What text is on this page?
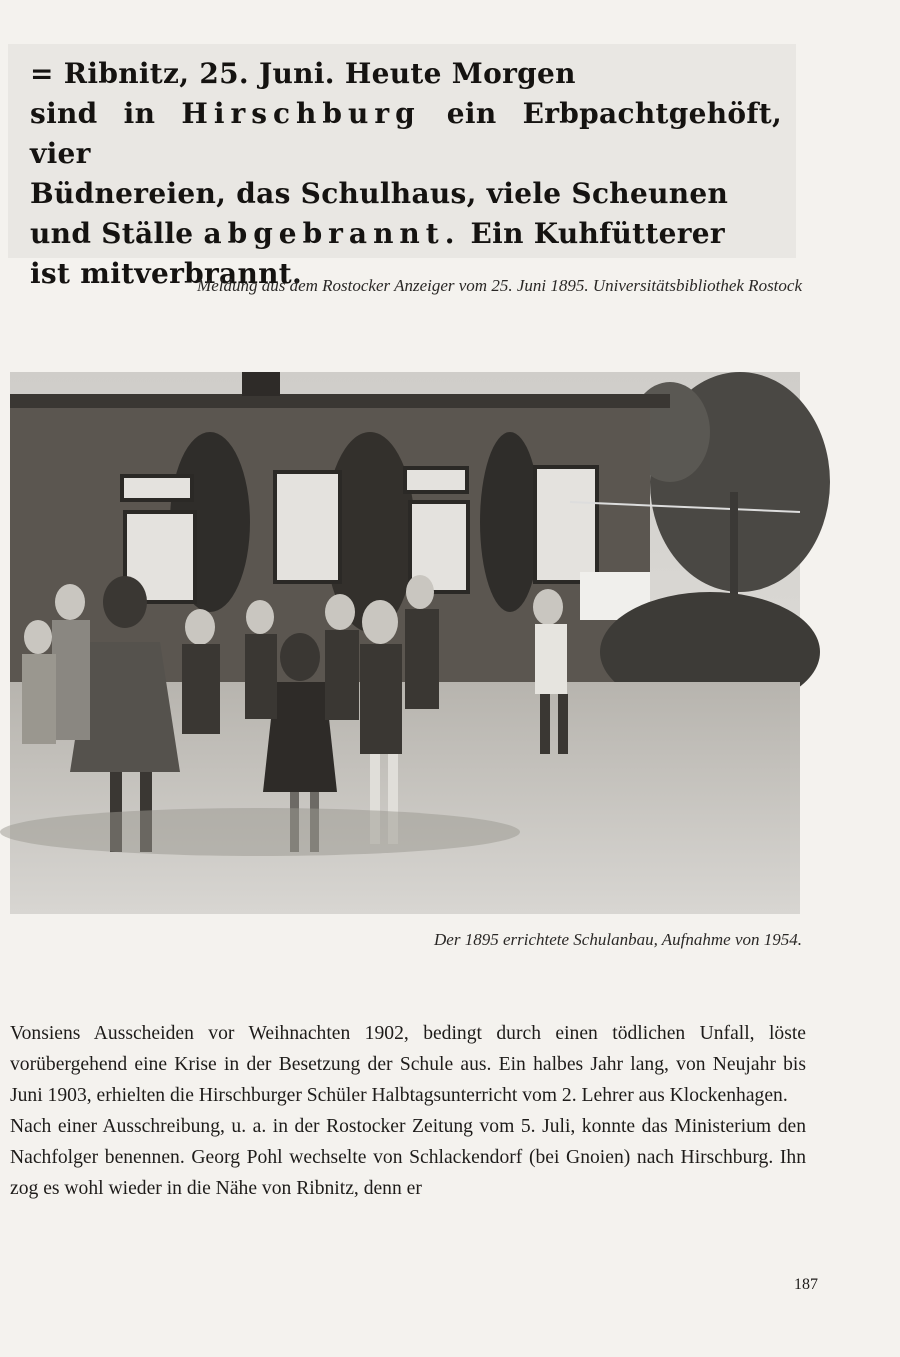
= Ribnitz, 25. Juni. Heute Morgen
sind in Hirschburg ein Erbpachtgehöft, vier
Büdnereien, das Schulhaus, viele Scheunen
und Ställe abgebrannt. Ein Kuhfütterer
ist mitverbrannt.
Meldung aus dem Rostocker Anzeiger vom 25. Juni 1895. Universitätsbibliothek Rostock
Der 1895 errichtete Schulanbau, Aufnahme von 1954.

Vonsiens Ausscheiden vor Weihnachten 1902, bedingt durch einen tödlichen Unfall, löste vorübergehend eine Krise in der Besetzung der Schule aus. Ein halbes Jahr lang, von Neujahr bis Juni 1903, erhielten die Hirschburger Schüler Halbtagsunterricht vom 2. Lehrer aus Klockenhagen.

Nach einer Ausschreibung, u. a. in der Rostocker Zeitung vom 5. Juli, konnte das Ministerium den Nachfolger benennen. Georg Pohl wechselte von Schlackendorf (bei Gnoien) nach Hirschburg. Ihn zog es wohl wieder in die Nähe von Ribnitz, denn er

187
